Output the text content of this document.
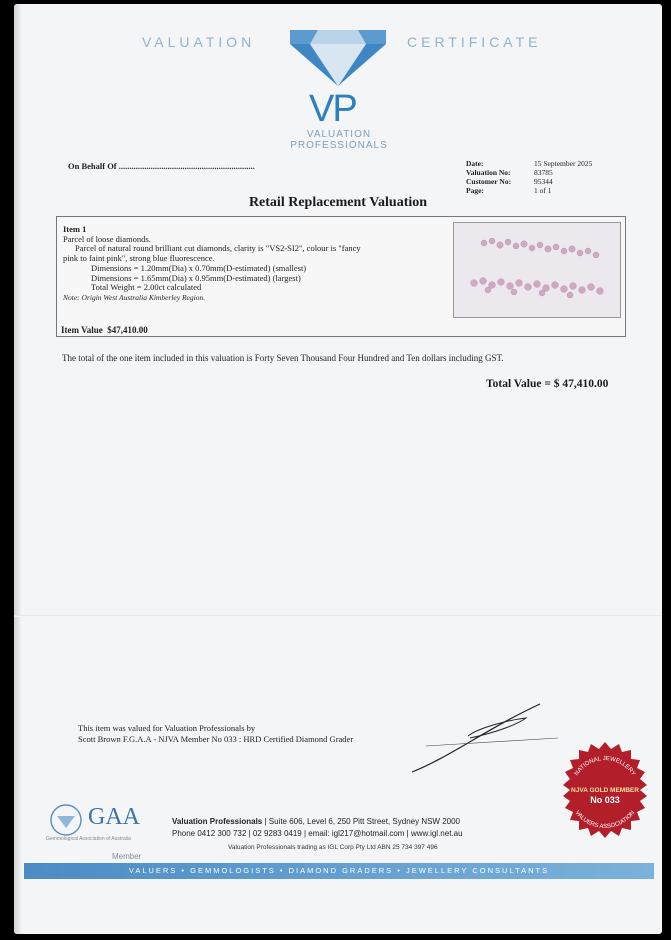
VALUATION	CERTIFICATE
VP
VALUATION
PROFESSIONALS
On Behalf Of ................................................................	Date:	15 September 2025
Valuation No:	83785
Customer No:	95344
Page:	1 of 1
Retail Replacement Valuation
Item 1
Parcel of loose diamonds.
Parcel of natural round brilliant cut diamonds, clarity is "VS2-SI2", colour is "fancy
pink to faint pink", strong blue fluorescence.
Dimensions = 1.20mm(Dia) x 0.70mm(D-estimated) (smallest)
Dimensions = 1.65mm(Dia) x 0.95mm(D-estimated) (largest)
Total Weight = 2.00ct calculated
Note: Origin West Australia Kimberley Region.
Item Value $47,410.00
The total of the one item included in this valuation is Forty Seven Thousand Four Hundred and Ten dollars including GST.
Total Value = $ 47,410.00
This item was valued for Valuation Professionals by
Scott Brown F.G.A.A - NJVA Member No 033 : HRD Certified Diamond Grader
NATIONAL JEWELLERY
NJVA GOLD MEMBER
No 033
VALUERS ASSOCIATION
GAA
Gemmological Association of Australia
Member
Valuation Professionals | Suite 606, Level 6, 250 Pitt Street, Sydney NSW 2000
Phone 0412 300 732 | 02 9283 0419 | email: igl217@hotmail.com | www.igl.net.au
Valuation Professionals trading as IGL Corp Pty Ltd ABN 25 734 397 496
VALUERS • GEMMOLOGISTS • DIAMOND GRADERS • JEWELLERY CONSULTANTS
